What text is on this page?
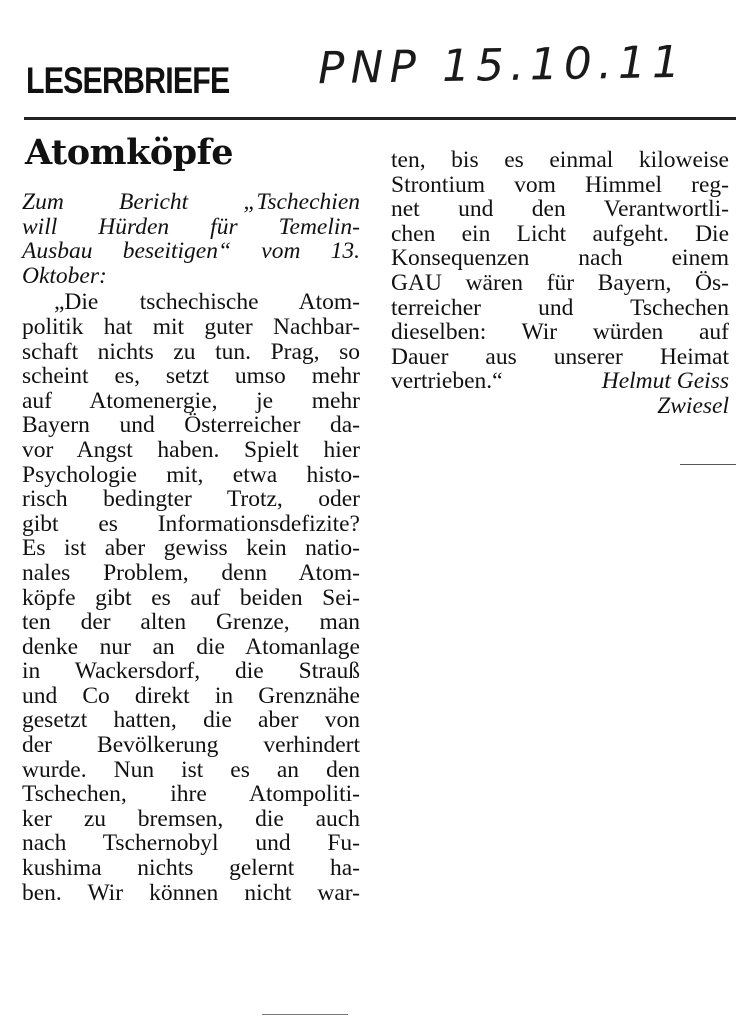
LESERBRIEFE PNP 15.10.11
Atomköpfe

Zum Bericht „Tschechien

will Hürden für Temelin-

Ausbau beseitigen“ vom 13.

Oktober:

„Die tschechische Atom-

politik hat mit guter Nachbar-

schaft nichts zu tun. Prag, so

scheint es, setzt umso mehr

auf Atomenergie, je mehr

Bayern und Österreicher da-

vor Angst haben. Spielt hier

Psychologie mit, etwa histo-

risch bedingter Trotz, oder

gibt es Informationsdefizite?

Es ist aber gewiss kein natio-

nales Problem, denn Atom-

köpfe gibt es auf beiden Sei-

ten der alten Grenze, man

denke nur an die Atomanlage

in Wackersdorf, die Strauß

und Co direkt in Grenznähe

gesetzt hatten, die aber von

der Bevölkerung verhindert

wurde. Nun ist es an den

Tschechen, ihre Atompoliti-

ker zu bremsen, die auch

nach Tschernobyl und Fu-

kushima nichts gelernt ha-

ben. Wir können nicht war-

ten, bis es einmal kiloweise

Strontium vom Himmel reg-

net und den Verantwortli-

chen ein Licht aufgeht. Die

Konsequenzen nach einem

GAU wären für Bayern, Ös-

terreicher und Tschechen

dieselben: Wir würden auf

Dauer aus unserer Heimat

vertrieben.“	Helmut Geiss
Zwiesel
